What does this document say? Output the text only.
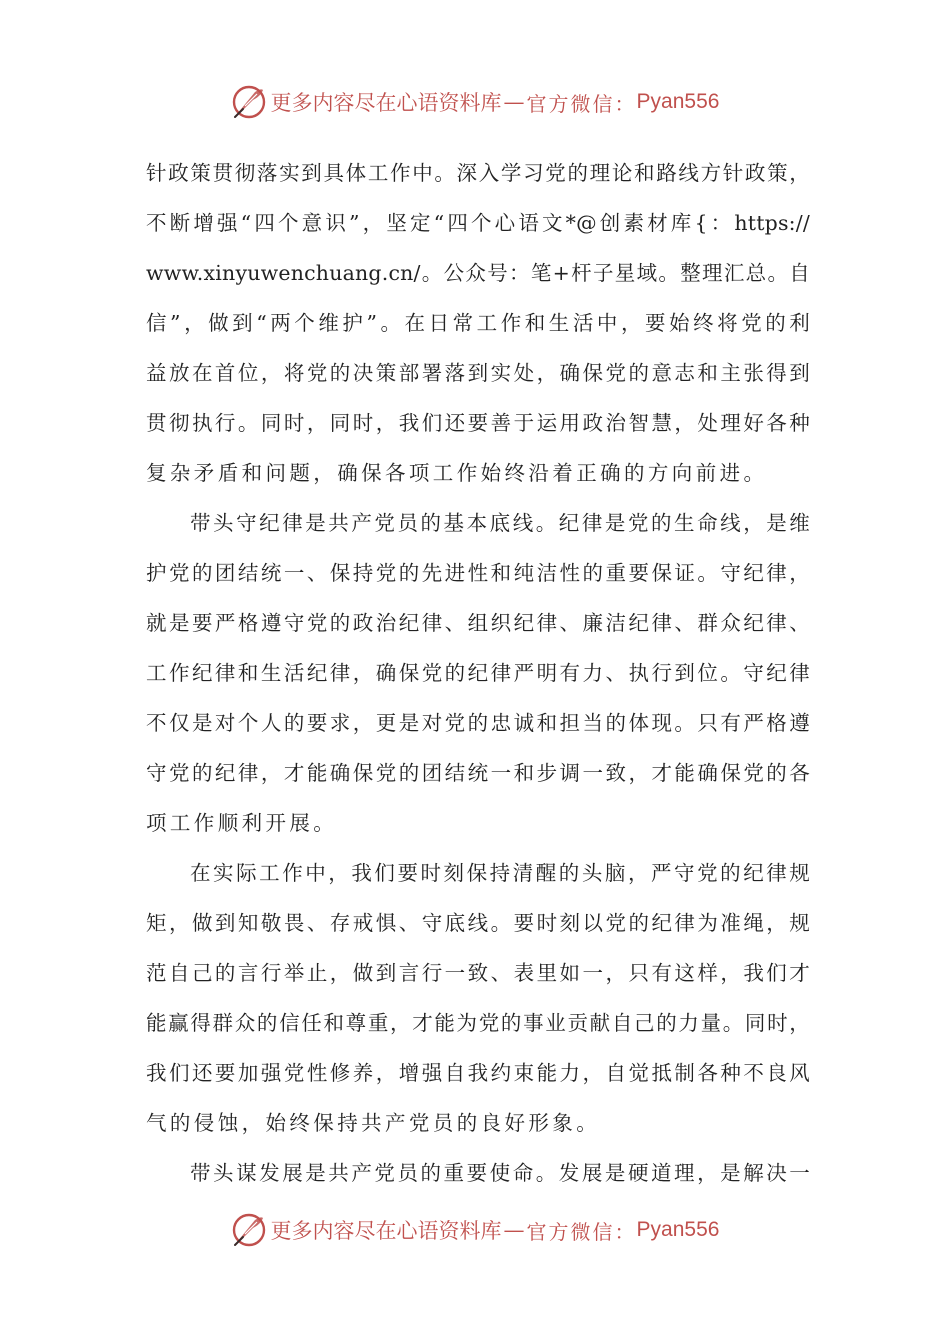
更多内容尽在心语资料库 — 官方微信： Pyan556
针政策贯彻落实到具体工作中。深入学习党的理论和路线方针政策，
不断增强“四个意识”，坚定“四个心语文*@创素材库{：https://
www.xinyuwenchuang.cn/。公众号：笔+杆子星域。整理汇总。自
信”，做到“两个维护”。在日常工作和生活中，要始终将党的利
益放在首位，将党的决策部署落到实处，确保党的意志和主张得到
贯彻执行。同时，同时，我们还要善于运用政治智慧，处理好各种
复杂矛盾和问题，确保各项工作始终沿着正确的方向前进。
带头守纪律是共产党员的基本底线。纪律是党的生命线，是维
护党的团结统一、保持党的先进性和纯洁性的重要保证。守纪律，
就是要严格遵守党的政治纪律、组织纪律、廉洁纪律、群众纪律、
工作纪律和生活纪律，确保党的纪律严明有力、执行到位。守纪律
不仅是对个人的要求，更是对党的忠诚和担当的体现。只有严格遵
守党的纪律，才能确保党的团结统一和步调一致，才能确保党的各
项工作顺利开展。
在实际工作中，我们要时刻保持清醒的头脑，严守党的纪律规
矩，做到知敬畏、存戒惧、守底线。要时刻以党的纪律为准绳，规
范自己的言行举止，做到言行一致、表里如一，只有这样，我们才
能赢得群众的信任和尊重，才能为党的事业贡献自己的力量。同时，
我们还要加强党性修养，增强自我约束能力，自觉抵制各种不良风
气的侵蚀，始终保持共产党员的良好形象。
带头谋发展是共产党员的重要使命。发展是硬道理，是解决一
更多内容尽在心语资料库 — 官方微信： Pyan556
